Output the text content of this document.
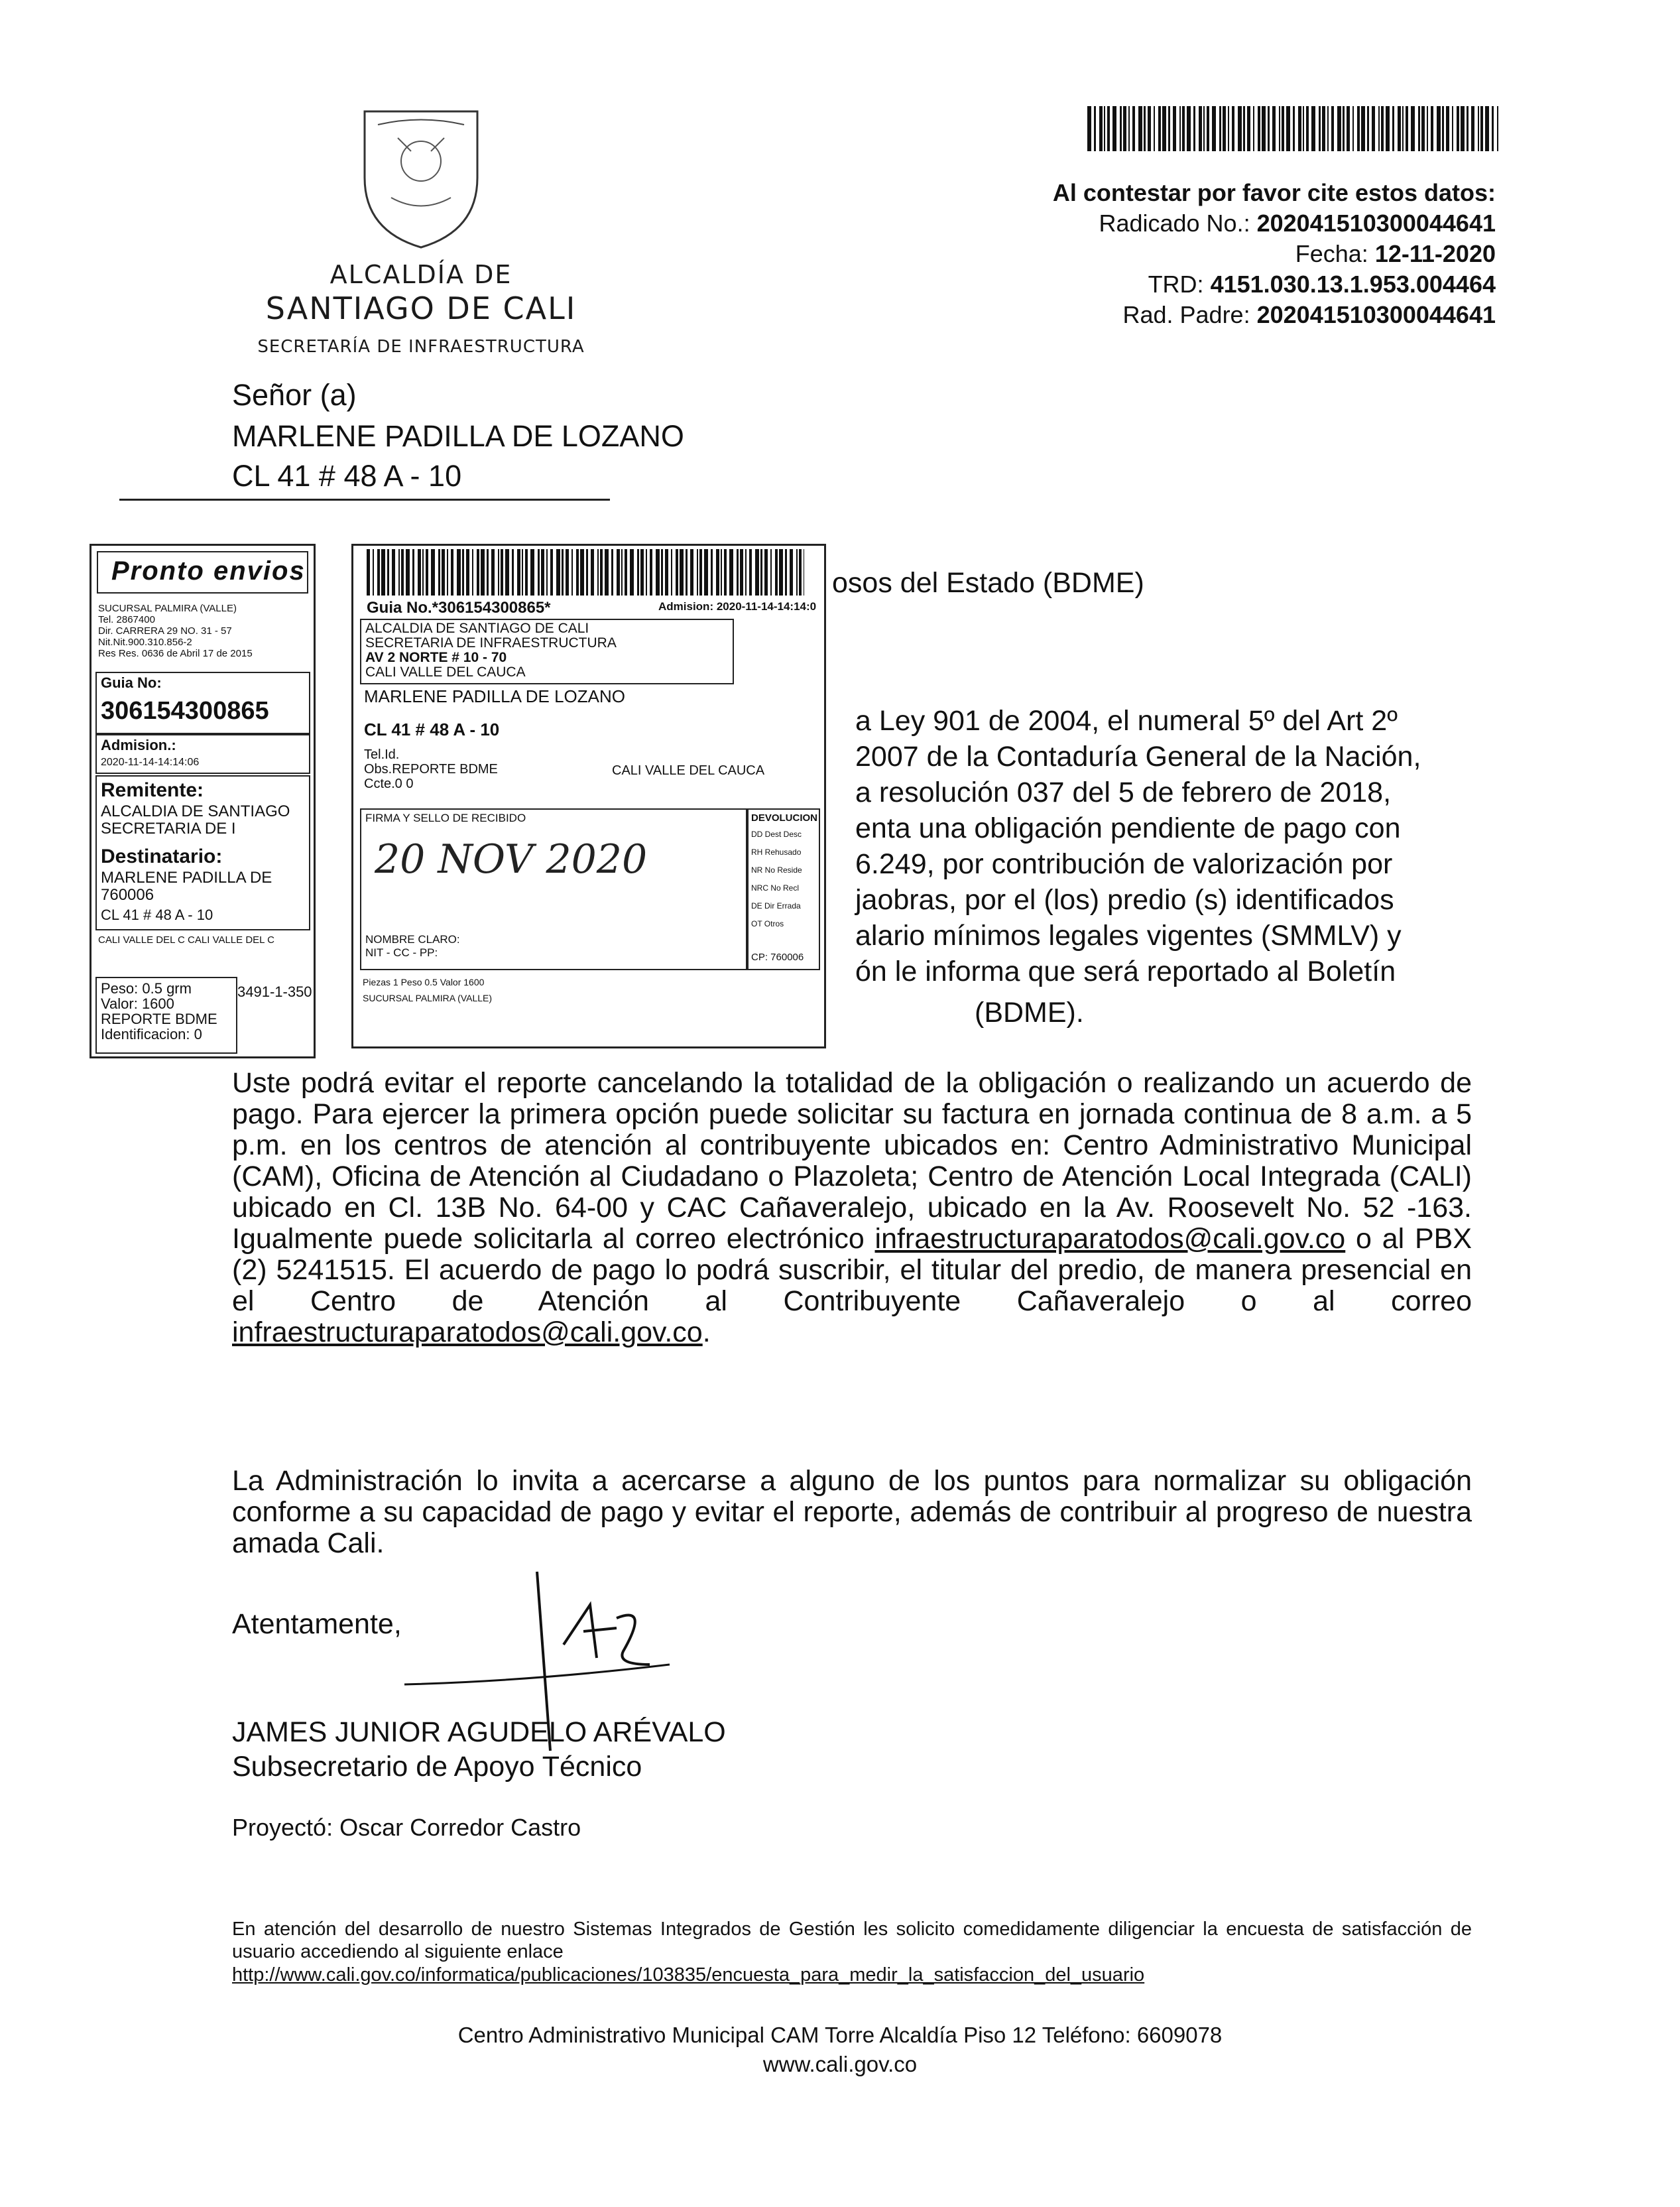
ALCALDÍA DE
SANTIAGO DE CALI
SECRETARÍA DE INFRAESTRUCTURA
Al contestar por favor cite estos datos:
Radicado No.: 202041510300044641
Fecha: 12-11-2020
TRD: 4151.030.13.1.953.004464
Rad. Padre: 202041510300044641
Señor (a)
MARLENE PADILLA DE LOZANO
CL 41 # 48 A - 10
osos del Estado (BDME)
a Ley 901 de 2004, el numeral 5º del Art 2º
2007 de la Contaduría General de la Nación,
a resolución 037 del 5 de febrero de 2018,
enta una obligación pendiente de pago con
6.249, por contribución de valorización por
jaobras, por el (los) predio (s) identificados
alario mínimos legales vigentes (SMMLV) y
ón le informa que será reportado al Boletín
(BDME).
Pronto envios
SUCURSAL PALMIRA (VALLE)
Tel. 2867400
Dir. CARRERA 29 NO. 31 - 57
Nit.Nit.900.310.856-2
Res Res. 0636 de Abril 17 de 2015
Guia No:
306154300865
Admision.:
2020-11-14-14:14:06
Remitente:
ALCALDIA DE SANTIAGO SECRETARIA DE I
Destinatario:
MARLENE PADILLA DE 760006
CL 41 # 48 A - 10
CALI VALLE DEL C CALI VALLE DEL C
Peso: 0.5 grm
Valor: 1600
REPORTE BDME
Identificacion: 0
3491-1-350
Guia No.*306154300865*	Admision: 2020-11-14-14:14:0
ALCALDIA DE SANTIAGO DE CALI
SECRETARIA DE INFRAESTRUCTURA
AV 2 NORTE # 10 - 70
CALI VALLE DEL CAUCA
MARLENE PADILLA DE LOZANO
CL 41 # 48 A - 10
Tel.Id.
Obs.REPORTE BDME
Ccte.0 0
CALI VALLE DEL CAUCA
FIRMA Y SELLO DE RECIBIDO
20 NOV 2020
NOMBRE CLARO:
NIT - CC - PP:
DEVOLUCION
DD Dest Desc
RH Rehusado
NR No Reside
NRC No Recl
DE Dir Errada
OT Otros
CP: 760006
Piezas 1 Peso 0.5 Valor 1600
SUCURSAL PALMIRA (VALLE)
Uste podrá evitar el reporte cancelando la totalidad de la obligación o realizando un acuerdo de pago. Para ejercer la primera opción puede solicitar su factura en jornada continua de 8 a.m. a 5 p.m. en los centros de atención al contribuyente ubicados en: Centro Administrativo Municipal (CAM), Oficina de Atención al Ciudadano o Plazoleta; Centro de Atención Local Integrada (CALI) ubicado en Cl. 13B No. 64-00 y CAC Cañaveralejo, ubicado en la Av. Roosevelt No. 52 -163. Igualmente puede solicitarla al correo electrónico infraestructuraparatodos@cali.gov.co o al PBX (2) 5241515. El acuerdo de pago lo podrá suscribir, el titular del predio, de manera presencial en el Centro de Atención al Contribuyente Cañaveralejo o al correo infraestructuraparatodos@cali.gov.co.
La Administración lo invita a acercarse a alguno de los puntos para normalizar su obligación conforme a su capacidad de pago y evitar el reporte, además de contribuir al progreso de nuestra amada Cali.
Atentamente,
JAMES JUNIOR AGUDELO ARÉVALO
Subsecretario de Apoyo Técnico
Proyectó: Oscar Corredor Castro
En atención del desarrollo de nuestro Sistemas Integrados de Gestión les solicito comedidamente diligenciar la encuesta de satisfacción de usuario accediendo al siguiente enlace
http://www.cali.gov.co/informatica/publicaciones/103835/encuesta_para_medir_la_satisfaccion_del_usuario
Centro Administrativo Municipal CAM Torre Alcaldía Piso 12 Teléfono: 6609078
www.cali.gov.co
